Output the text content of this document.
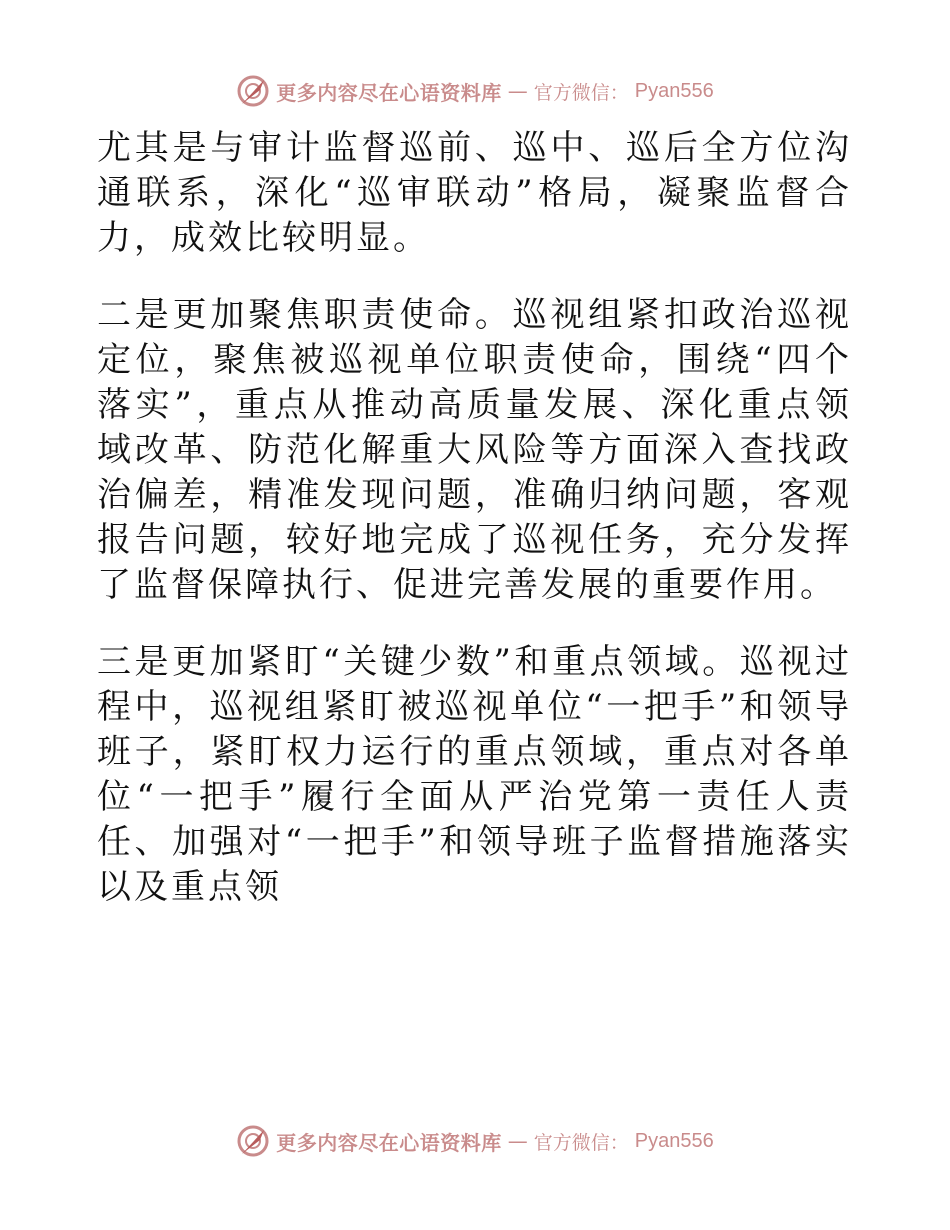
更多内容尽在心语资料库 — 官方微信： Pyan556

尤其是与审计监督巡前、巡中、巡后全方位沟通联系，深化“巡审联动”格局，凝聚监督合力，成效比较明显。

二是更加聚焦职责使命。巡视组紧扣政治巡视定位，聚焦被巡视单位职责使命，围绕“四个落实”，重点从推动高质量发展、深化重点领域改革、防范化解重大风险等方面深入查找政治偏差，精准发现问题，准确归纳问题，客观报告问题，较好地完成了巡视任务，充分发挥了监督保障执行、促进完善发展的重要作用。

三是更加紧盯“关键少数”和重点领域。巡视过程中，巡视组紧盯被巡视单位“一把手”和领导班子，紧盯权力运行的重点领域，重点对各单位“一把手”履行全面从严治党第一责任人责任、加强对“一把手”和领导班子监督措施落实以及重点领

更多内容尽在心语资料库 — 官方微信： Pyan556
